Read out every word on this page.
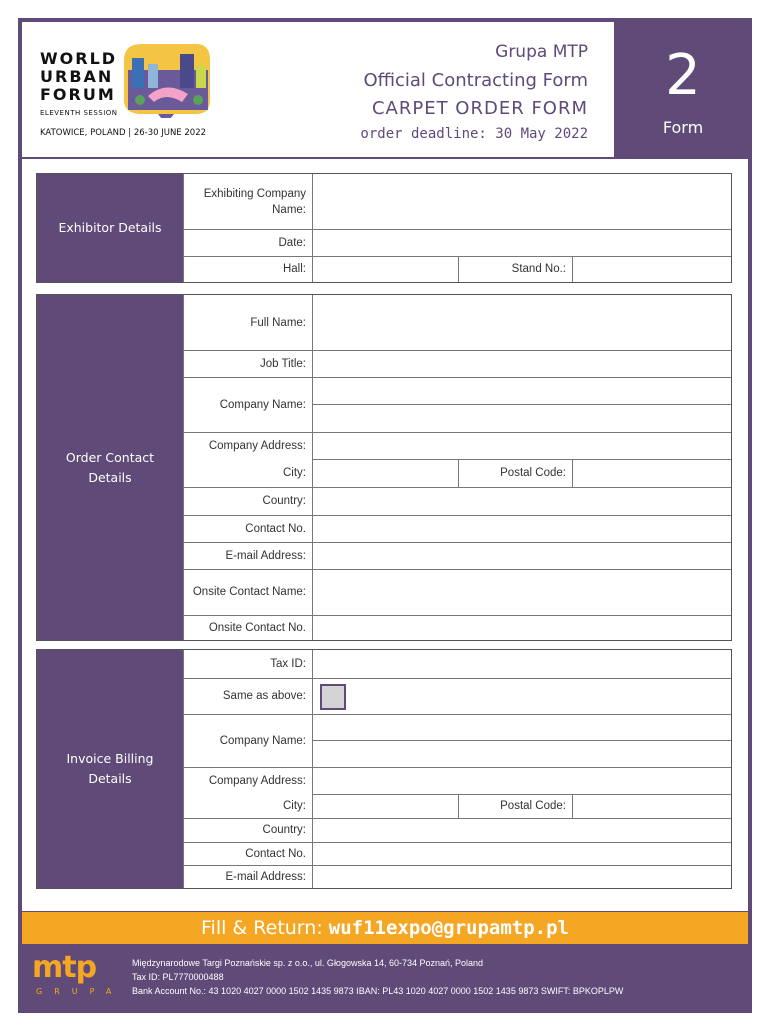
WORLD
URBAN
FORUM
ELEVENTH SESSION
KATOWICE, POLAND | 26-30 JUNE 2022
Grupa MTP
Official Contracting Form
CARPET ORDER FORM
order deadline: 30 May 2022
2
Form
Exhibitor Details
Exhibiting Company Name:
Date:
Hall:	Stand No.:
Order Contact Details
Full Name:
Job Title:
Company Name:
Company Address:
City:	Postal Code:
Country:
Contact No.
E-mail Address:
Onsite Contact Name:
Onsite Contact No.
Invoice Billing Details
Tax ID:
Same as above:
Company Name:
Company Address:
City:	Postal Code:
Country:
Contact No.
E-mail Address:
Fill & Return: wuf11expo@grupamtp.pl
mtp
GRUPA
Międzynarodowe Targi Poznańskie sp. z o.o., ul. Głogowska 14, 60-734 Poznań, Poland
Tax ID: PL7770000488
Bank Account No.: 43 1020 4027 0000 1502 1435 9873 IBAN: PL43 1020 4027 0000 1502 1435 9873 SWIFT: BPKOPLPW
